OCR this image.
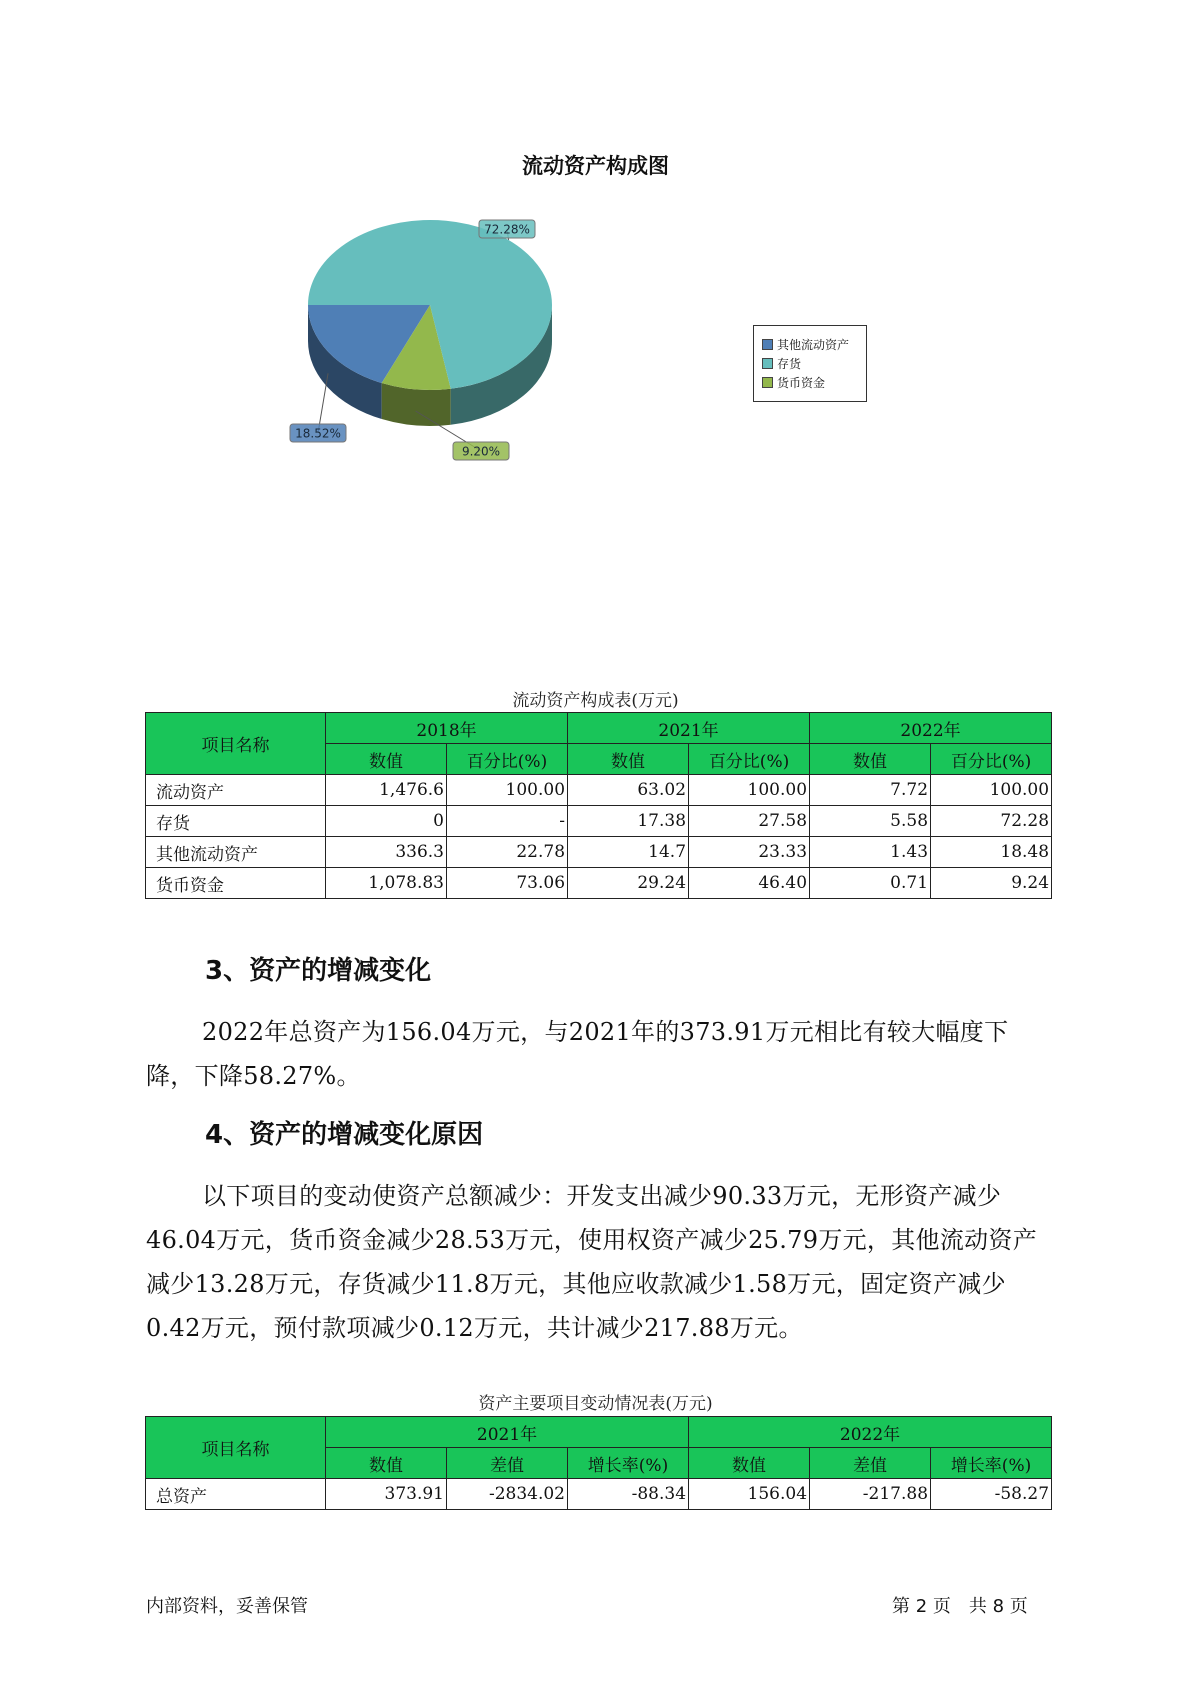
流动资产构成图
18.52%
9.20%
72.28%
其他流动资产
存货
货币资金
流动资产构成表(万元)
项目名称	2018年		2021年		2022年	
	数值	百分比(%)	数值	百分比(%)	数值	百分比(%)
流动资产	1,476.6	100.00	63.02	100.00	7.72	100.00
存货	0	-	17.38	27.58	5.58	72.28
其他流动资产	336.3	22.78	14.7	23.33	1.43	18.48
货币资金	1,078.83	73.06	29.24	46.40	0.71	9.24
3、资产的增减变化
2022年总资产为156.04万元，与2021年的373.91万元相比有较大幅度下降，下降58.27%。
4、资产的增减变化原因
以下项目的变动使资产总额减少：开发支出减少90.33万元，无形资产减少46.04万元，货币资金减少28.53万元，使用权资产减少25.79万元，其他流动资产减少13.28万元，存货减少11.8万元，其他应收款减少1.58万元，固定资产减少0.42万元，预付款项减少0.12万元，共计减少217.88万元。
资产主要项目变动情况表(万元)
项目名称	2021年			2022年		
	数值	差值	增长率(%)	数值	差值	增长率(%)
总资产	373.91	-2834.02	-88.34	156.04	-217.88	-58.27
内部资料，妥善保管	第 2 页　共 8 页
